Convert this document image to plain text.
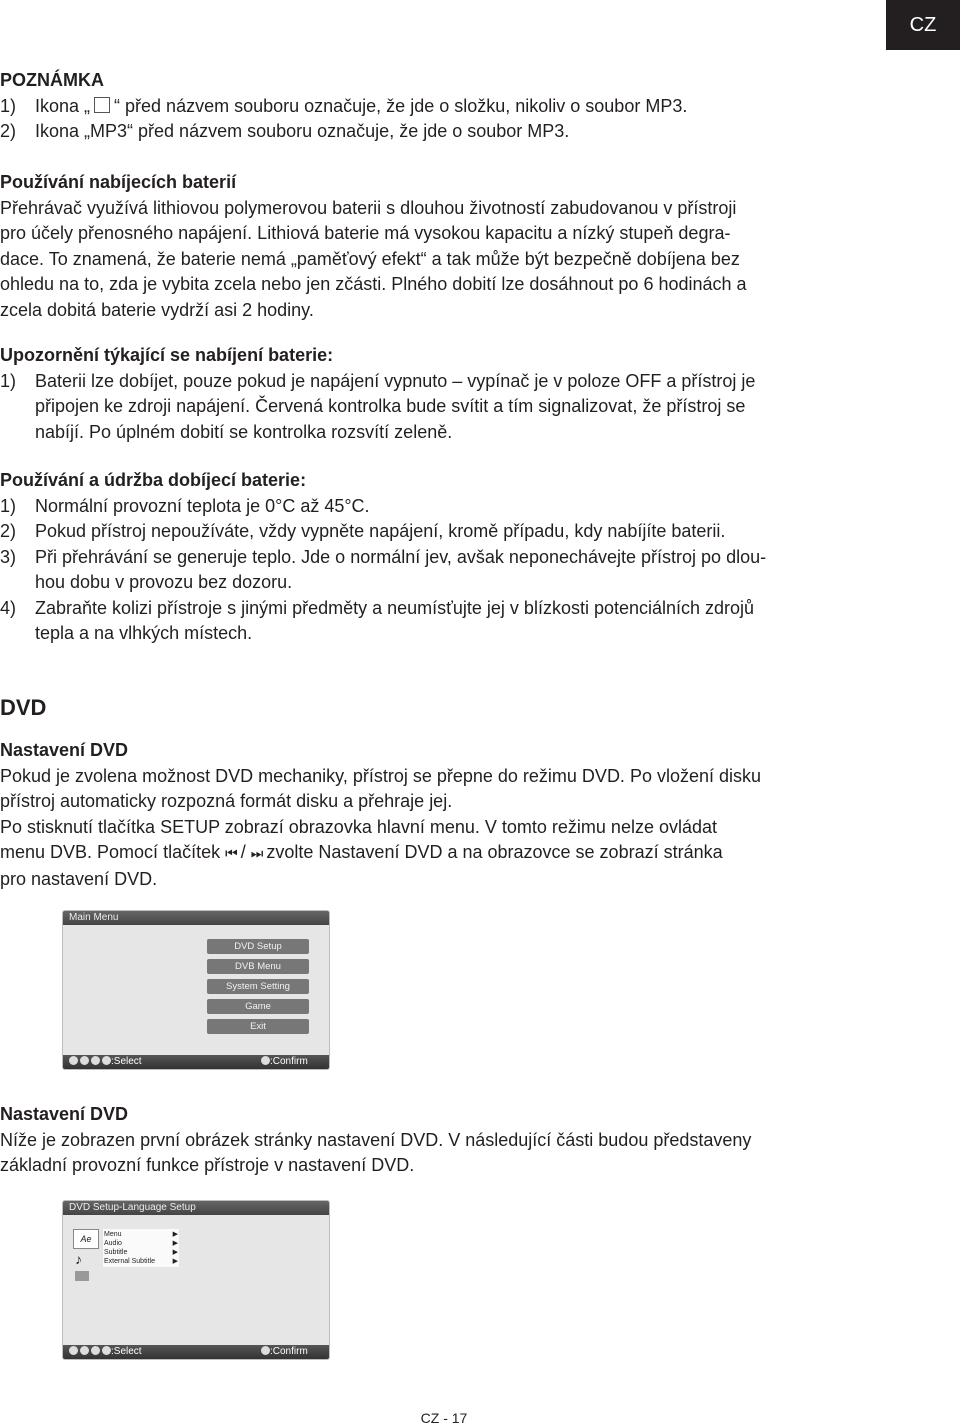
CZ
POZNÁMKA
1)	Ikona „ “ před názvem souboru označuje, že jde o složku, nikoliv o soubor MP3.
2)	Ikona „MP3“ před názvem souboru označuje, že jde o soubor MP3.
Používání nabíjecích baterií
Přehrávač využívá lithiovou polymerovou baterii s dlouhou životností zabudovanou v přístroji
pro účely přenosného napájení. Lithiová baterie má vysokou kapacitu a nízký stupeň degra-
dace. To znamená, že baterie nemá „paměťový efekt“ a tak může být bezpečně dobíjena bez
ohledu na to, zda je vybita zcela nebo jen zčásti. Plného dobití lze dosáhnout po 6 hodinách a
zcela dobitá baterie vydrží asi 2 hodiny.
Upozornění týkající se nabíjení baterie:
1)	Baterii lze dobíjet, pouze pokud je napájení vypnuto – vypínač je v poloze OFF a přístroj je
připojen ke zdroji napájení. Červená kontrolka bude svítit a tím signalizovat, že přístroj se
nabíjí. Po úplném dobití se kontrolka rozsvítí zeleně.
Používání a údržba dobíjecí baterie:
1)	Normální provozní teplota je 0°C až 45°C.
2)	Pokud přístroj nepoužíváte, vždy vypněte napájení, kromě případu, kdy nabíjíte baterii.
3)	Při přehrávání se generuje teplo. Jde o normální jev, avšak neponechávejte přístroj po dlou-
hou dobu v provozu bez dozoru.
4)	Zabraňte kolizi přístroje s jinými předměty a neumísťujte jej v blízkosti potenciálních zdrojů
tepla a na vlhkých místech.
DVD
Nastavení DVD
Pokud je zvolena možnost DVD mechaniky, přístroj se přepne do režimu DVD. Po vložení disku
přístroj automaticky rozpozná formát disku a přehraje jej.
Po stisknutí tlačítka SETUP zobrazí obrazovka hlavní menu. V tomto režimu nelze ovládat
menu DVB. Pomocí tlačítek ⏮ / ⏭ zvolte Nastavení DVD a na obrazovce se zobrazí stránka
pro nastavení DVD.
Main Menu
DVD Setup
DVB Menu
System Setting
Game
Exit
:Select	:Confirm
Nastavení DVD
Níže je zobrazen první obrázek stránky nastavení DVD. V následující části budou představeny
základní provozní funkce přístroje v nastavení DVD.
DVD Setup-Language Setup
Ae
♪
Menu	▶
Audio	▶
Subtitle	▶
External Subtitle	▶
:Select	:Confirm
CZ - 17
